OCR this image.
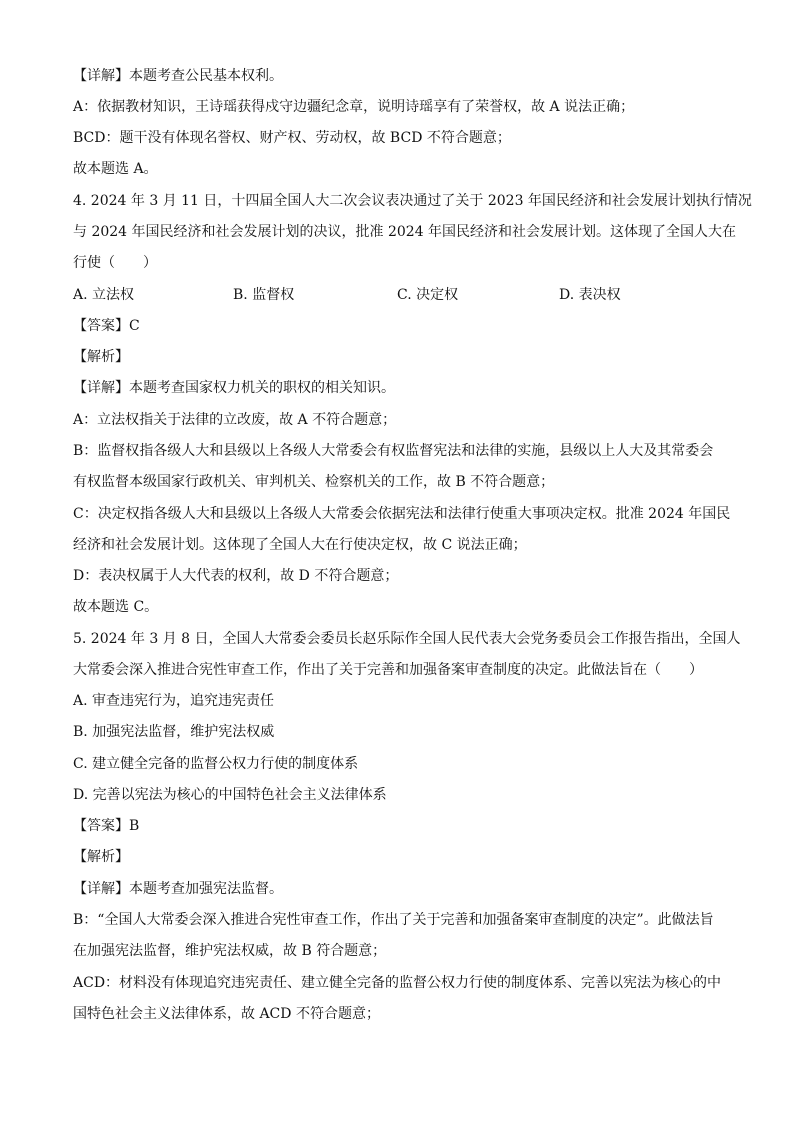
【详解】本题考查公民基本权利。
A：依据教材知识，王诗瑶获得戍守边疆纪念章，说明诗瑶享有了荣誉权，故 A 说法正确；
BCD：题干没有体现名誉权、财产权、劳动权，故 BCD 不符合题意；
故本题选 A。
4. 2024 年 3 月 11 日，十四届全国人大二次会议表决通过了关于 2023 年国民经济和社会发展计划执行情况
与 2024 年国民经济和社会发展计划的决议，批准 2024 年国民经济和社会发展计划。这体现了全国人大在
行使（　　）
A. 立法权	B. 监督权	C. 决定权	D. 表决权
【答案】C
【解析】
【详解】本题考查国家权力机关的职权的相关知识。
A：立法权指关于法律的立改废，故 A 不符合题意；
B：监督权指各级人大和县级以上各级人大常委会有权监督宪法和法律的实施，县级以上人大及其常委会
有权监督本级国家行政机关、审判机关、检察机关的工作，故 B 不符合题意；
C：决定权指各级人大和县级以上各级人大常委会依据宪法和法律行使重大事项决定权。批准 2024 年国民
经济和社会发展计划。这体现了全国人大在行使决定权，故 C 说法正确；
D：表决权属于人大代表的权利，故 D 不符合题意；
故本题选 C。
5. 2024 年 3 月 8 日，全国人大常委会委员长赵乐际作全国人民代表大会党务委员会工作报告指出，全国人
大常委会深入推进合宪性审查工作，作出了关于完善和加强备案审查制度的决定。此做法旨在（　　）
A. 审查违宪行为，追究违宪责任
B. 加强宪法监督，维护宪法权威
C. 建立健全完备的监督公权力行使的制度体系
D. 完善以宪法为核心的中国特色社会主义法律体系
【答案】B
【解析】
【详解】本题考查加强宪法监督。
B：“全国人大常委会深入推进合宪性审查工作，作出了关于完善和加强备案审查制度的决定”。此做法旨
在加强宪法监督，维护宪法权威，故 B 符合题意；
ACD：材料没有体现追究违宪责任、建立健全完备的监督公权力行使的制度体系、完善以宪法为核心的中
国特色社会主义法律体系，故 ACD 不符合题意；
